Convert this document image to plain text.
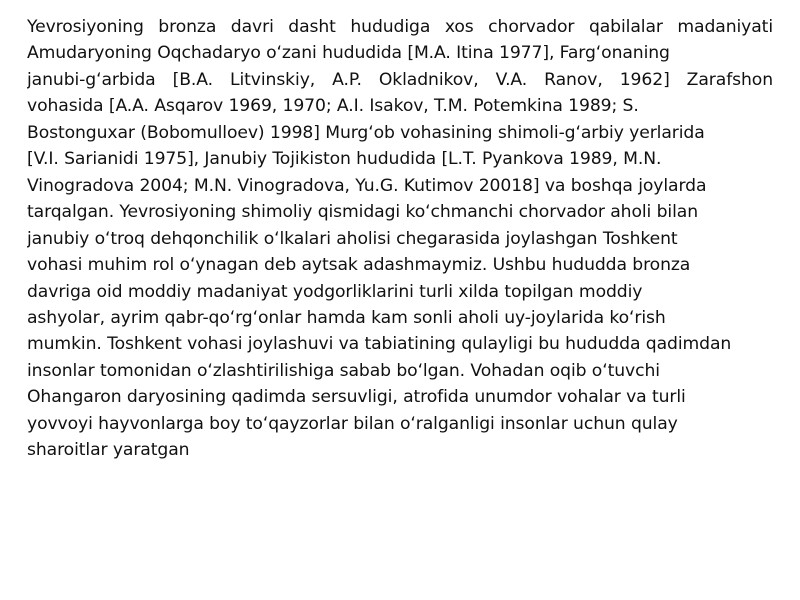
Yevrosiyoning bronza davri dasht hududiga xos chorvador qabilalar madaniyati
Amudaryoning Oqchadaryo oʻzani hududida [M.A. Itina 1977], Fargʻonaning
janubi-gʻarbida [B.A. Litvinskiy, A.P. Okladnikov, V.A. Ranov, 1962] Zarafshon
vohasida [A.A. Asqarov 1969, 1970; A.I. Isakov, T.M. Potemkina 1989; S.
Bostonguxar (Bobomulloev) 1998] Murgʻob vohasining shimoli-gʻarbiy yerlarida
[V.I. Sarianidi 1975], Janubiy Tojikiston hududida [L.T. Pyankova 1989, M.N.
Vinogradova 2004; M.N. Vinogradova, Yu.G. Kutimov 20018] va boshqa joylarda
tarqalgan. Yevrosiyoning shimoliy qismidagi koʻchmanchi chorvador aholi bilan
janubiy oʻtroq dehqonchilik oʻlkalari aholisi chegarasida joylashgan Toshkent
vohasi muhim rol oʻynagan deb aytsak adashmaymiz. Ushbu hududda bronza
davriga oid moddiy madaniyat yodgorliklarini turli xilda topilgan moddiy
ashyolar, ayrim qabr-qoʻrgʻonlar hamda kam sonli aholi uy-joylarida koʻrish
mumkin. Toshkent vohasi joylashuvi va tabiatining qulayligi bu hududda qadimdan
insonlar tomonidan oʻzlashtirilishiga sabab boʻlgan. Vohadan oqib oʻtuvchi
Ohangaron daryosining qadimda sersuvligi, atrofida unumdor vohalar va turli
yovvoyi hayvonlarga boy toʻqayzorlar bilan oʻralganligi insonlar uchun qulay
sharoitlar yaratgan
